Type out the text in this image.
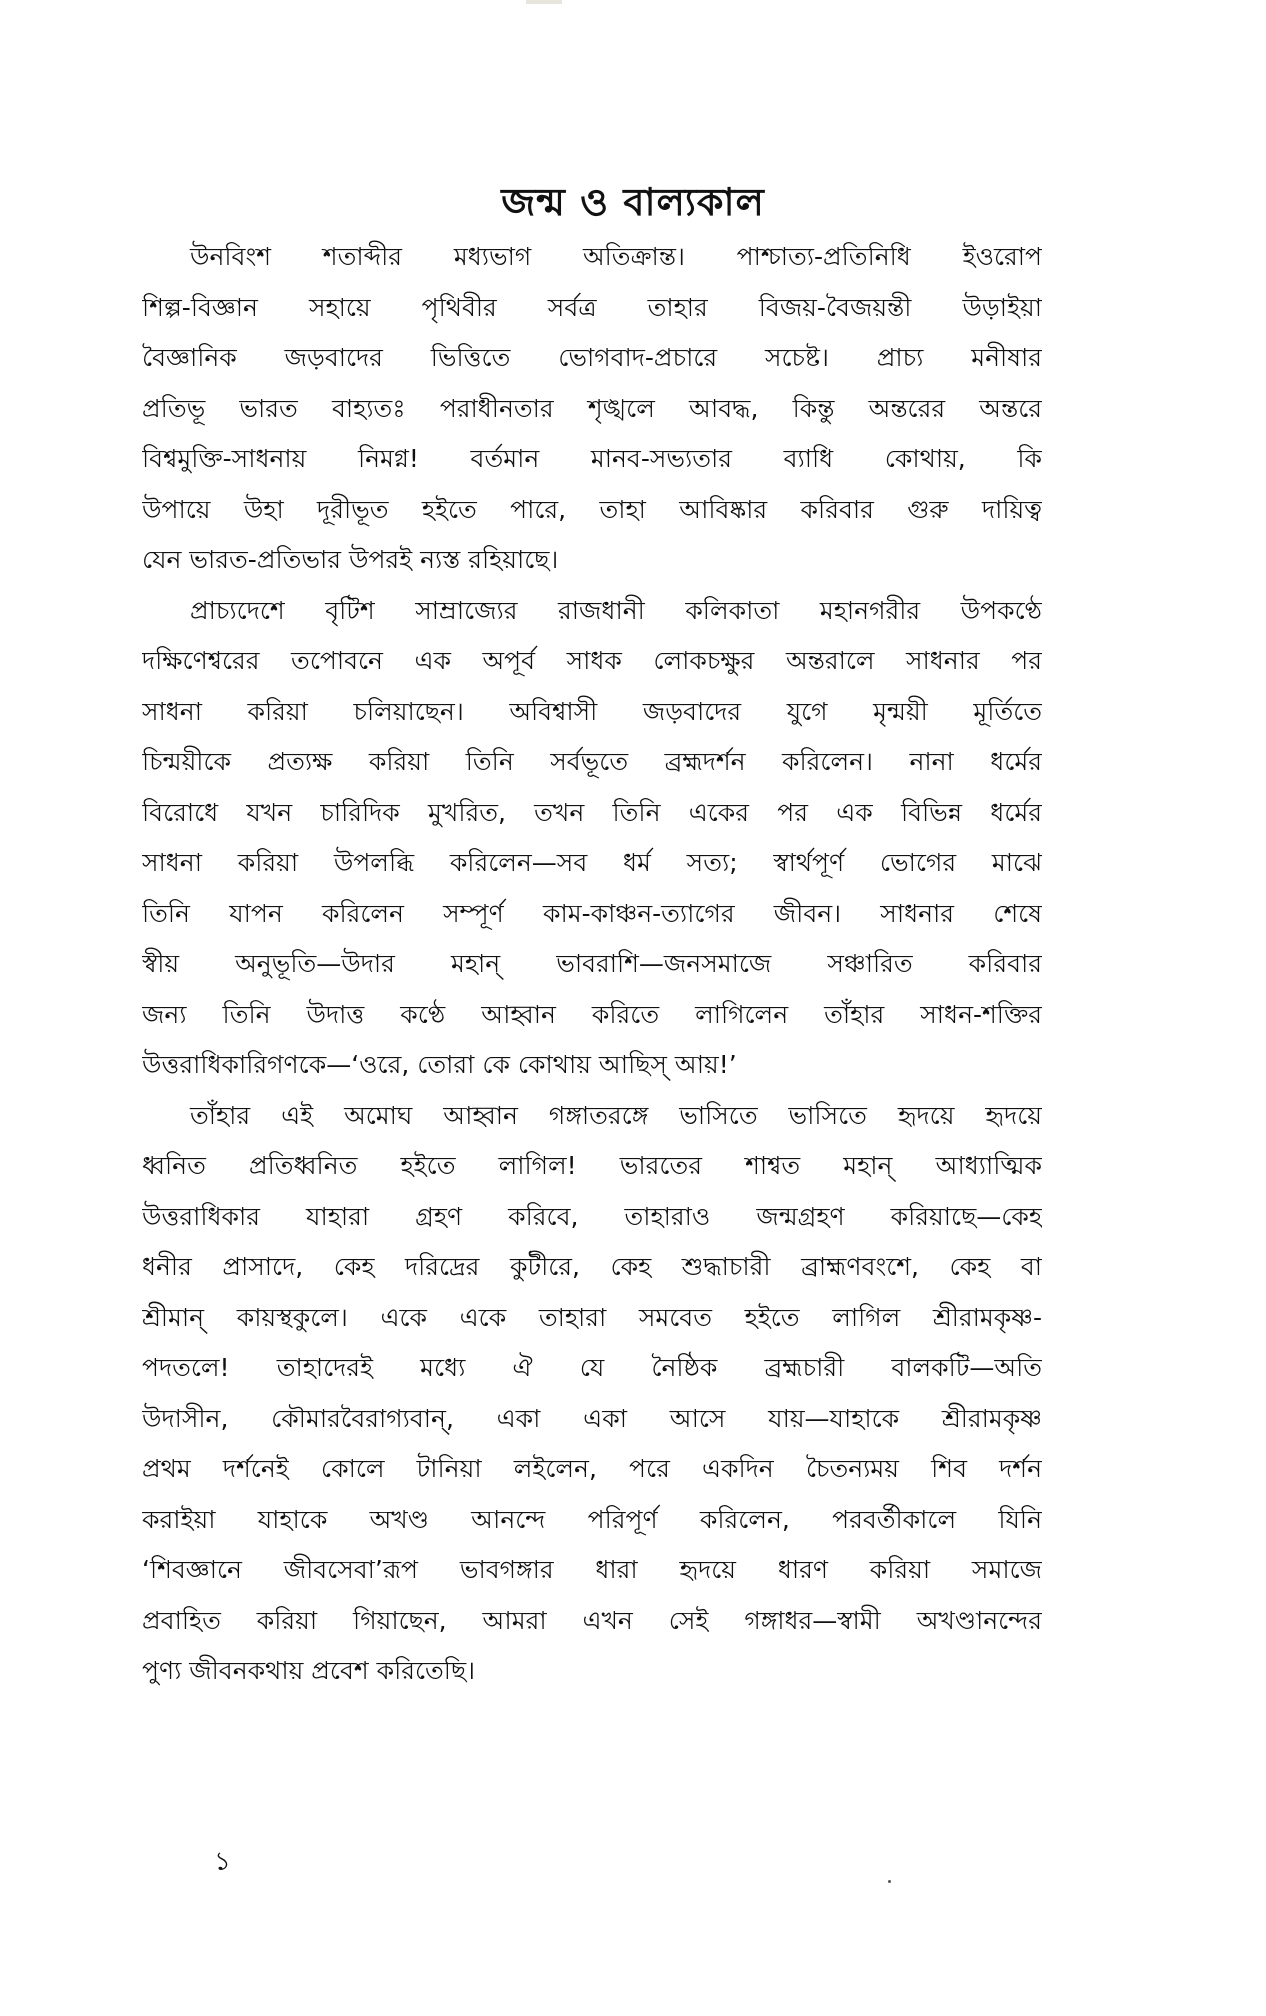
জন্ম ও বাল্যকাল
উনবিংশ শতাব্দীর মধ্যভাগ অতিক্রান্ত। পাশ্চাত্য-প্রতিনিধি ইওরোপ
শিল্প-বিজ্ঞান সহায়ে পৃথিবীর সর্বত্র তাহার বিজয়-বৈজয়ন্তী উড়াইয়া
বৈজ্ঞানিক জড়বাদের ভিত্তিতে ভোগবাদ-প্রচারে সচেষ্ট। প্রাচ্য মনীষার
প্রতিভূ ভারত বাহ্যতঃ পরাধীনতার শৃঙ্খলে আবদ্ধ, কিন্তু অন্তরের অন্তরে
বিশ্বমুক্তি-সাধনায় নিমগ্ন! বর্তমান মানব-সভ্যতার ব্যাধি কোথায়, কি
উপায়ে উহা দূরীভূত হইতে পারে, তাহা আবিষ্কার করিবার গুরু দায়িত্ব
যেন ভারত-প্রতিভার উপরই ন্যস্ত রহিয়াছে।
প্রাচ্যদেশে বৃটিশ সাম্রাজ্যের রাজধানী কলিকাতা মহানগরীর উপকণ্ঠে
দক্ষিণেশ্বরের তপোবনে এক অপূর্ব সাধক লোকচক্ষুর অন্তরালে সাধনার পর
সাধনা করিয়া চলিয়াছেন। অবিশ্বাসী জড়বাদের যুগে মৃন্ময়ী মূর্তিতে
চিন্ময়ীকে প্রত্যক্ষ করিয়া তিনি সর্বভূতে ব্রহ্মদর্শন করিলেন। নানা ধর্মের
বিরোধে যখন চারিদিক মুখরিত, তখন তিনি একের পর এক বিভিন্ন ধর্মের
সাধনা করিয়া উপলব্ধি করিলেন—সব ধর্ম সত্য; স্বার্থপূর্ণ ভোগের মাঝে
তিনি যাপন করিলেন সম্পূর্ণ কাম-কাঞ্চন-ত্যাগের জীবন। সাধনার শেষে
স্বীয় অনুভূতি—উদার মহান্ ভাবরাশি—জনসমাজে সঞ্চারিত করিবার
জন্য তিনি উদাত্ত কণ্ঠে আহ্বান করিতে লাগিলেন তাঁহার সাধন-শক্তির
উত্তরাধিকারিগণকে—‘ওরে, তোরা কে কোথায় আছিস্ আয়!’
তাঁহার এই অমোঘ আহ্বান গঙ্গাতরঙ্গে ভাসিতে ভাসিতে হৃদয়ে হৃদয়ে
ধ্বনিত প্রতিধ্বনিত হইতে লাগিল! ভারতের শাশ্বত মহান্ আধ্যাত্মিক
উত্তরাধিকার যাহারা গ্রহণ করিবে, তাহারাও জন্মগ্রহণ করিয়াছে—কেহ
ধনীর প্রাসাদে, কেহ দরিদ্রের কুটীরে, কেহ শুদ্ধাচারী ব্রাহ্মণবংশে, কেহ বা
শ্রীমান্ কায়স্থকুলে। একে একে তাহারা সমবেত হইতে লাগিল শ্রীরামকৃষ্ণ-
পদতলে! তাহাদেরই মধ্যে ঐ যে নৈষ্ঠিক ব্রহ্মচারী বালকটি—অতি
উদাসীন, কৌমারবৈরাগ্যবান্, একা একা আসে যায়—যাহাকে শ্রীরামকৃষ্ণ
প্রথম দর্শনেই কোলে টানিয়া লইলেন, পরে একদিন চৈতন্যময় শিব দর্শন
করাইয়া যাহাকে অখণ্ড আনন্দে পরিপূর্ণ করিলেন, পরবর্তীকালে যিনি
‘শিবজ্ঞানে জীবসেবা’রূপ ভাবগঙ্গার ধারা হৃদয়ে ধারণ করিয়া সমাজে
প্রবাহিত করিয়া গিয়াছেন, আমরা এখন সেই গঙ্গাধর—স্বামী অখণ্ডানন্দের
পুণ্য জীবনকথায় প্রবেশ করিতেছি।
১
